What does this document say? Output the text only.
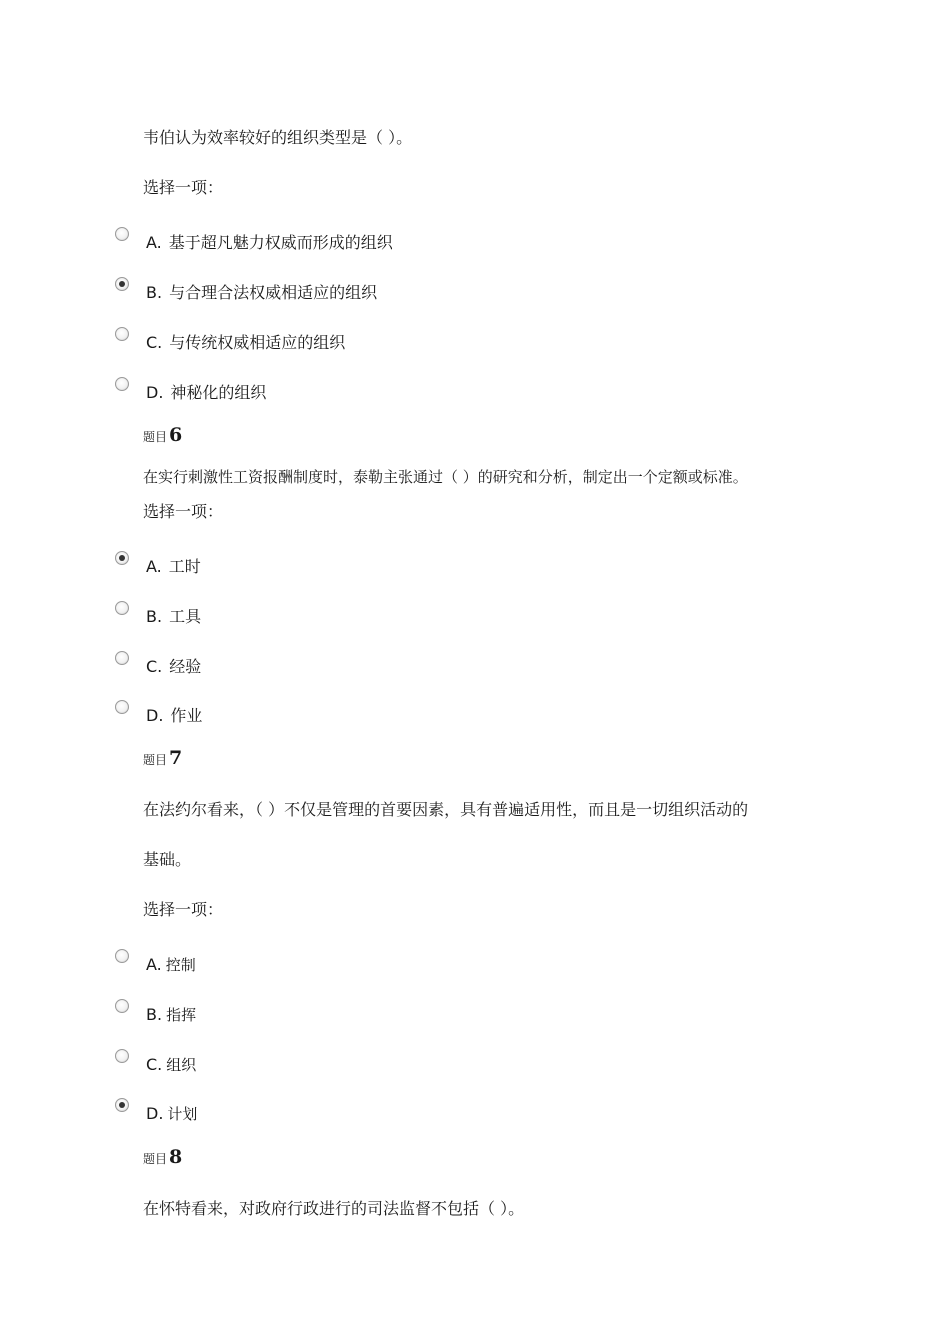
韦伯认为效率较好的组织类型是（ ）。
选择一项：
A. 基于超凡魅力权威而形成的组织
B. 与合理合法权威相适应的组织
C. 与传统权威相适应的组织
D. 神秘化的组织
题目 6
在实行刺激性工资报酬制度时，泰勒主张通过（ ）的研究和分析，制定出一个定额或标准。
选择一项：
A. 工时
B. 工具
C. 经验
D. 作业
题目 7
在法约尔看来，（ ）不仅是管理的首要因素，具有普遍适用性，而且是一切组织活动的
基础。
选择一项：
A. 控制
B. 指挥
C. 组织
D. 计划
题目 8
在怀特看来，对政府行政进行的司法监督不包括（ ）。
